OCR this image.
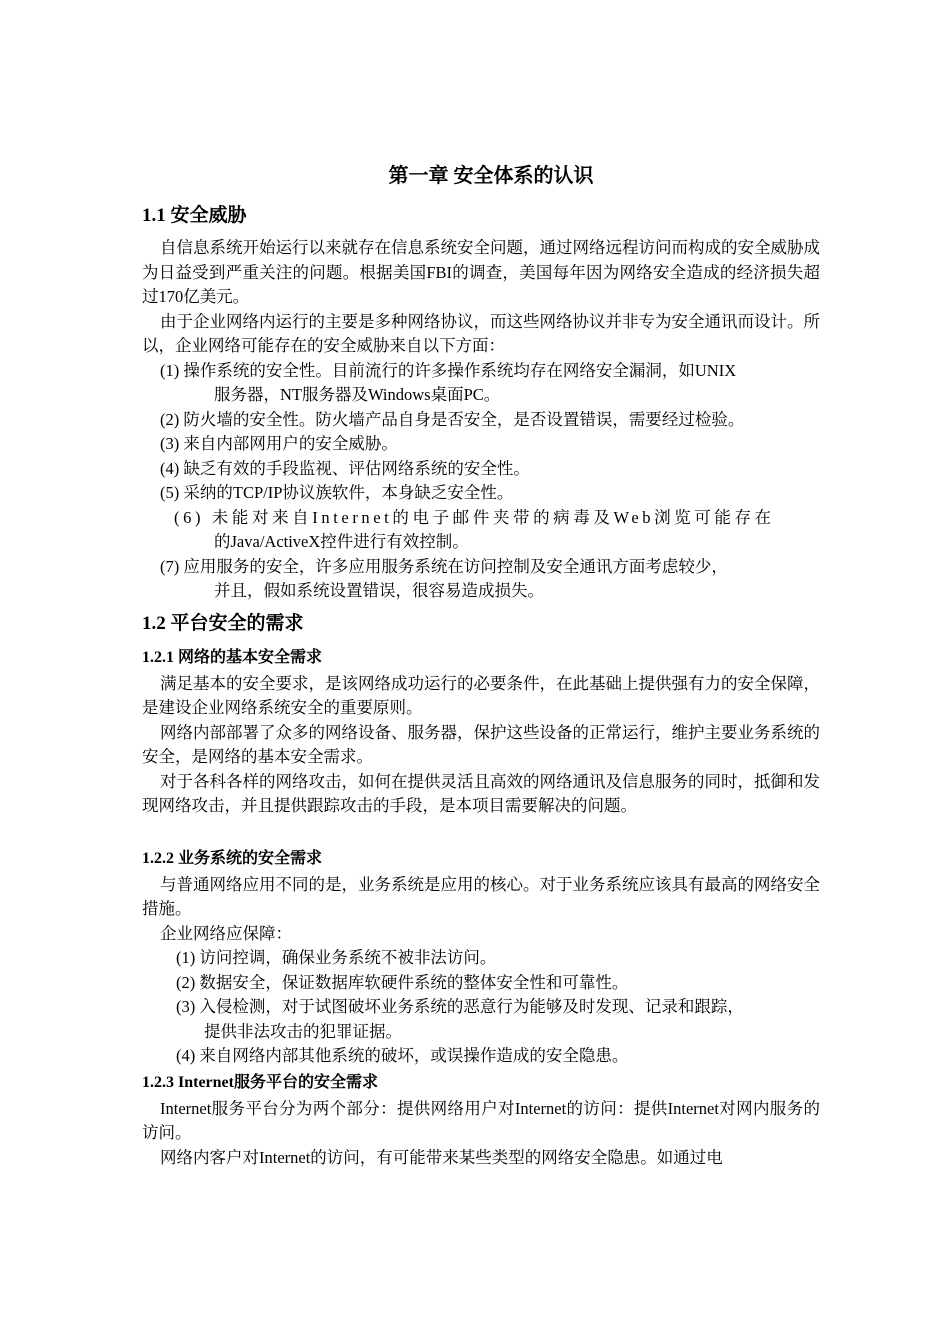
第一章 安全体系的认识
1.1 安全威胁

自信息系统开始运行以来就存在信息系统安全问题，通过网络远程访问而构成的安全威胁成为日益受到严重关注的问题。根据美国FBI的调查，美国每年因为网络安全造成的经济损失超过170亿美元。

由于企业网络内运行的主要是多种网络协议，而这些网络协议并非专为安全通讯而设计。所以，企业网络可能存在的安全威胁来自以下方面：

(1) 操作系统的安全性。目前流行的许多操作系统均存在网络安全漏洞，如UNIX
服务器，NT服务器及Windows桌面PC。
(2) 防火墙的安全性。防火墙产品自身是否安全，是否设置错误，需要经过检验。
(3) 来自内部网用户的安全威胁。
(4) 缺乏有效的手段监视、评估网络系统的安全性。
(5) 采纳的TCP/IP协议族软件，本身缺乏安全性。
(6) 未能对来自Internet的电子邮件夹带的病毒及Web浏览可能存在
的Java/ActiveX控件进行有效控制。
(7) 应用服务的安全，许多应用服务系统在访问控制及安全通讯方面考虑较少，
并且，假如系统设置错误，很容易造成损失。
1.2 平台安全的需求
1.2.1 网络的基本安全需求

满足基本的安全要求，是该网络成功运行的必要条件，在此基础上提供强有力的安全保障，是建设企业网络系统安全的重要原则。

网络内部部署了众多的网络设备、服务器，保护这些设备的正常运行，维护主要业务系统的安全，是网络的基本安全需求。

对于各科各样的网络攻击，如何在提供灵活且高效的网络通讯及信息服务的同时，抵御和发现网络攻击，并且提供跟踪攻击的手段，是本项目需要解决的问题。

1.2.2 业务系统的安全需求

与普通网络应用不同的是，业务系统是应用的核心。对于业务系统应该具有最高的网络安全措施。

企业网络应保障：

(1) 访问控调，确保业务系统不被非法访问。
(2) 数据安全，保证数据库软硬件系统的整体安全性和可靠性。
(3) 入侵检测，对于试图破坏业务系统的恶意行为能够及时发现、记录和跟踪，
提供非法攻击的犯罪证据。
(4) 来自网络内部其他系统的破坏，或误操作造成的安全隐患。
1.2.3 Internet服务平台的安全需求

Internet服务平台分为两个部分：提供网络用户对Internet的访问：提供Internet对网内服务的访问。

网络内客户对Internet的访问，有可能带来某些类型的网络安全隐患。如通过电
